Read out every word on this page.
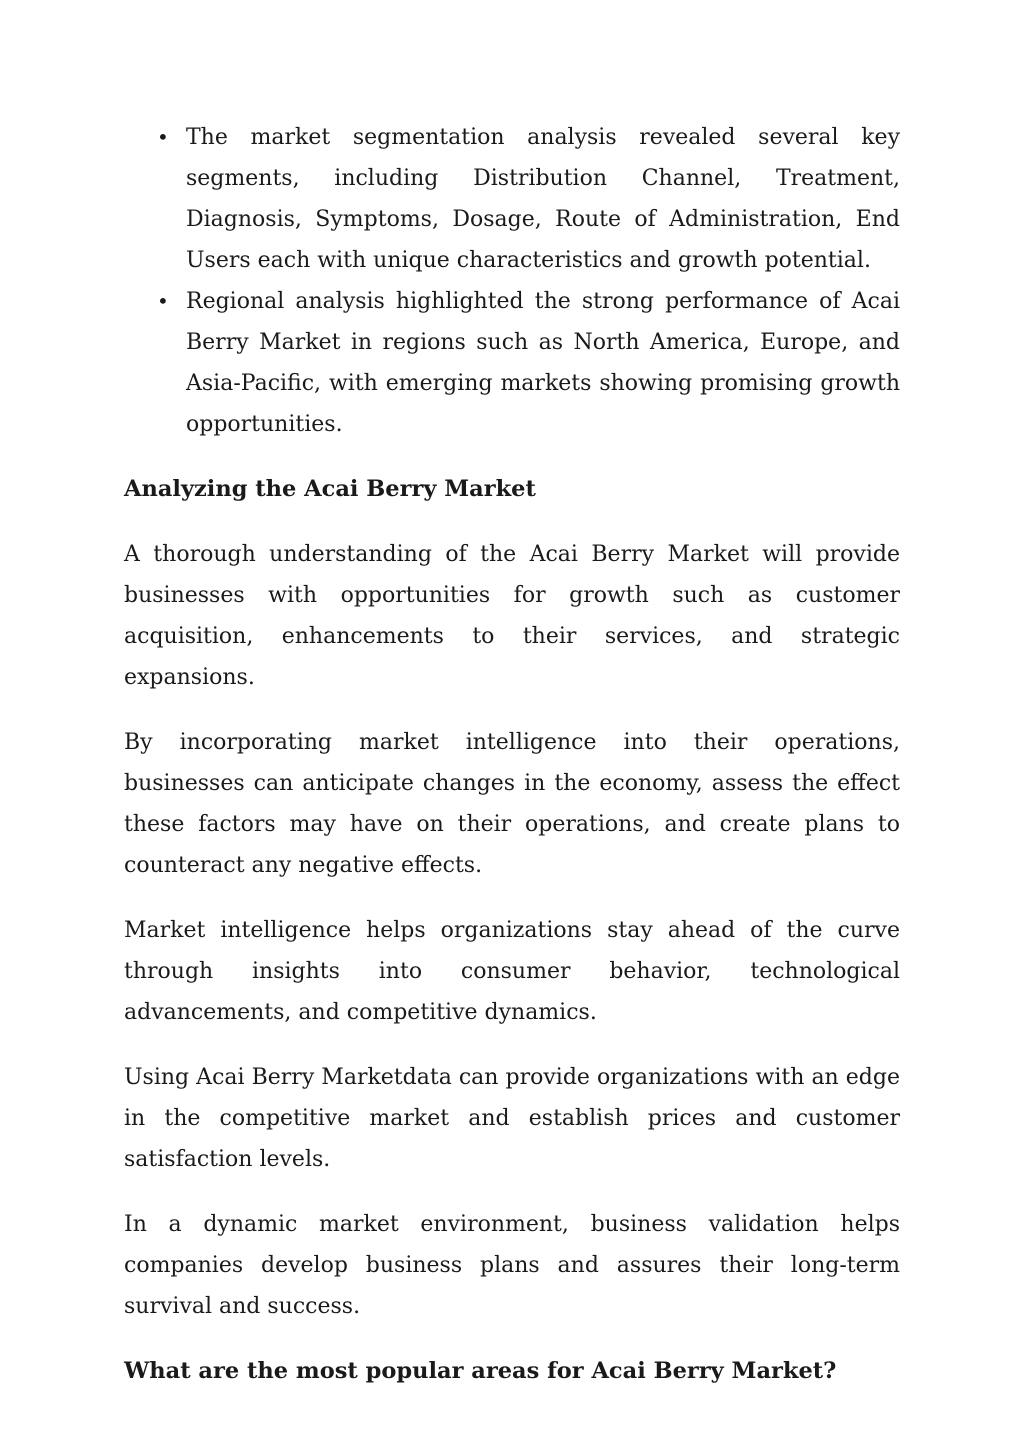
• The market segmentation analysis revealed several key segments, including Distribution Channel, Treatment, Diagnosis, Symptoms, Dosage, Route of Administration, End Users each with unique characteristics and growth potential.
• Regional analysis highlighted the strong performance of Acai Berry Market in regions such as North America, Europe, and Asia-Pacific, with emerging markets showing promising growth opportunities.
Analyzing the Acai Berry Market

A thorough understanding of the Acai Berry Market will provide businesses with opportunities for growth such as customer acquisition, enhancements to their services, and strategic expansions.

By incorporating market intelligence into their operations, businesses can anticipate changes in the economy, assess the effect these factors may have on their operations, and create plans to counteract any negative effects.

Market intelligence helps organizations stay ahead of the curve through insights into consumer behavior, technological advancements, and competitive dynamics.

Using Acai Berry Marketdata can provide organizations with an edge in the competitive market and establish prices and customer satisfaction levels.

In a dynamic market environment, business validation helps companies develop business plans and assures their long-term survival and success.

What are the most popular areas for Acai Berry Market?
